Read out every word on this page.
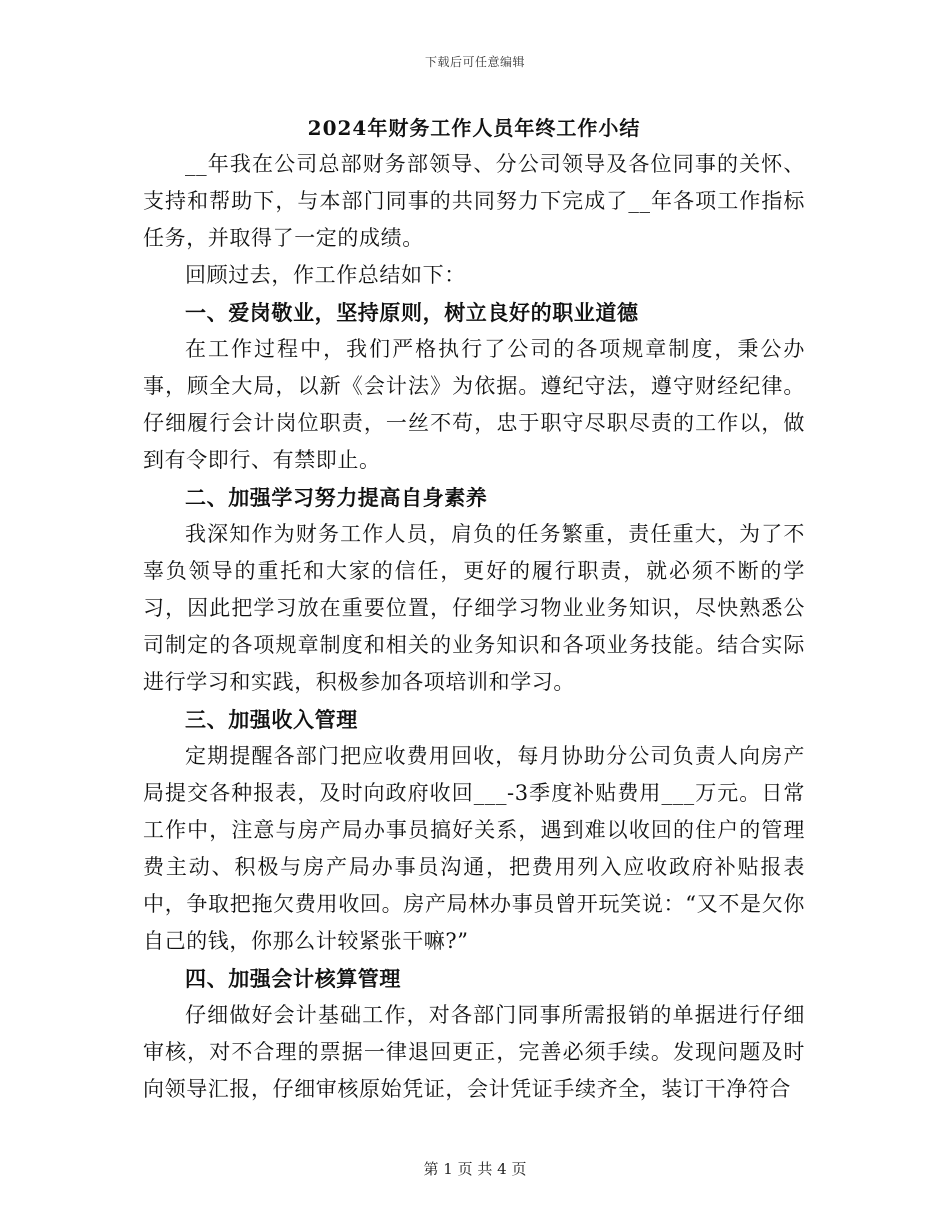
下载后可任意编辑
2024年财务工作人员年终工作小结

__年我在公司总部财务部领导、分公司领导及各位同事的关怀、支持和帮助下，与本部门同事的共同努力下完成了__年各项工作指标任务，并取得了一定的成绩。

回顾过去，作工作总结如下：

一、爱岗敬业，坚持原则，树立良好的职业道德

在工作过程中，我们严格执行了公司的各项规章制度，秉公办事，顾全大局，以新《会计法》为依据。遵纪守法，遵守财经纪律。仔细履行会计岗位职责，一丝不苟，忠于职守尽职尽责的工作以，做到有令即行、有禁即止。

二、加强学习努力提高自身素养

我深知作为财务工作人员，肩负的任务繁重，责任重大，为了不辜负领导的重托和大家的信任，更好的履行职责，就必须不断的学习，因此把学习放在重要位置，仔细学习物业业务知识，尽快熟悉公司制定的各项规章制度和相关的业务知识和各项业务技能。结合实际进行学习和实践，积极参加各项培训和学习。

三、加强收入管理

定期提醒各部门把应收费用回收，每月协助分公司负责人向房产局提交各种报表，及时向政府收回___-3季度补贴费用___万元。日常工作中，注意与房产局办事员搞好关系，遇到难以收回的住户的管理费主动、积极与房产局办事员沟通，把费用列入应收政府补贴报表中，争取把拖欠费用收回。房产局林办事员曾开玩笑说：“又不是欠你自己的钱，你那么计较紧张干嘛?”

四、加强会计核算管理

仔细做好会计基础工作，对各部门同事所需报销的单据进行仔细审核，对不合理的票据一律退回更正，完善必须手续。发现问题及时向领导汇报，仔细审核原始凭证，会计凭证手续齐全，装订干净符合

第 1 页 共 4 页
